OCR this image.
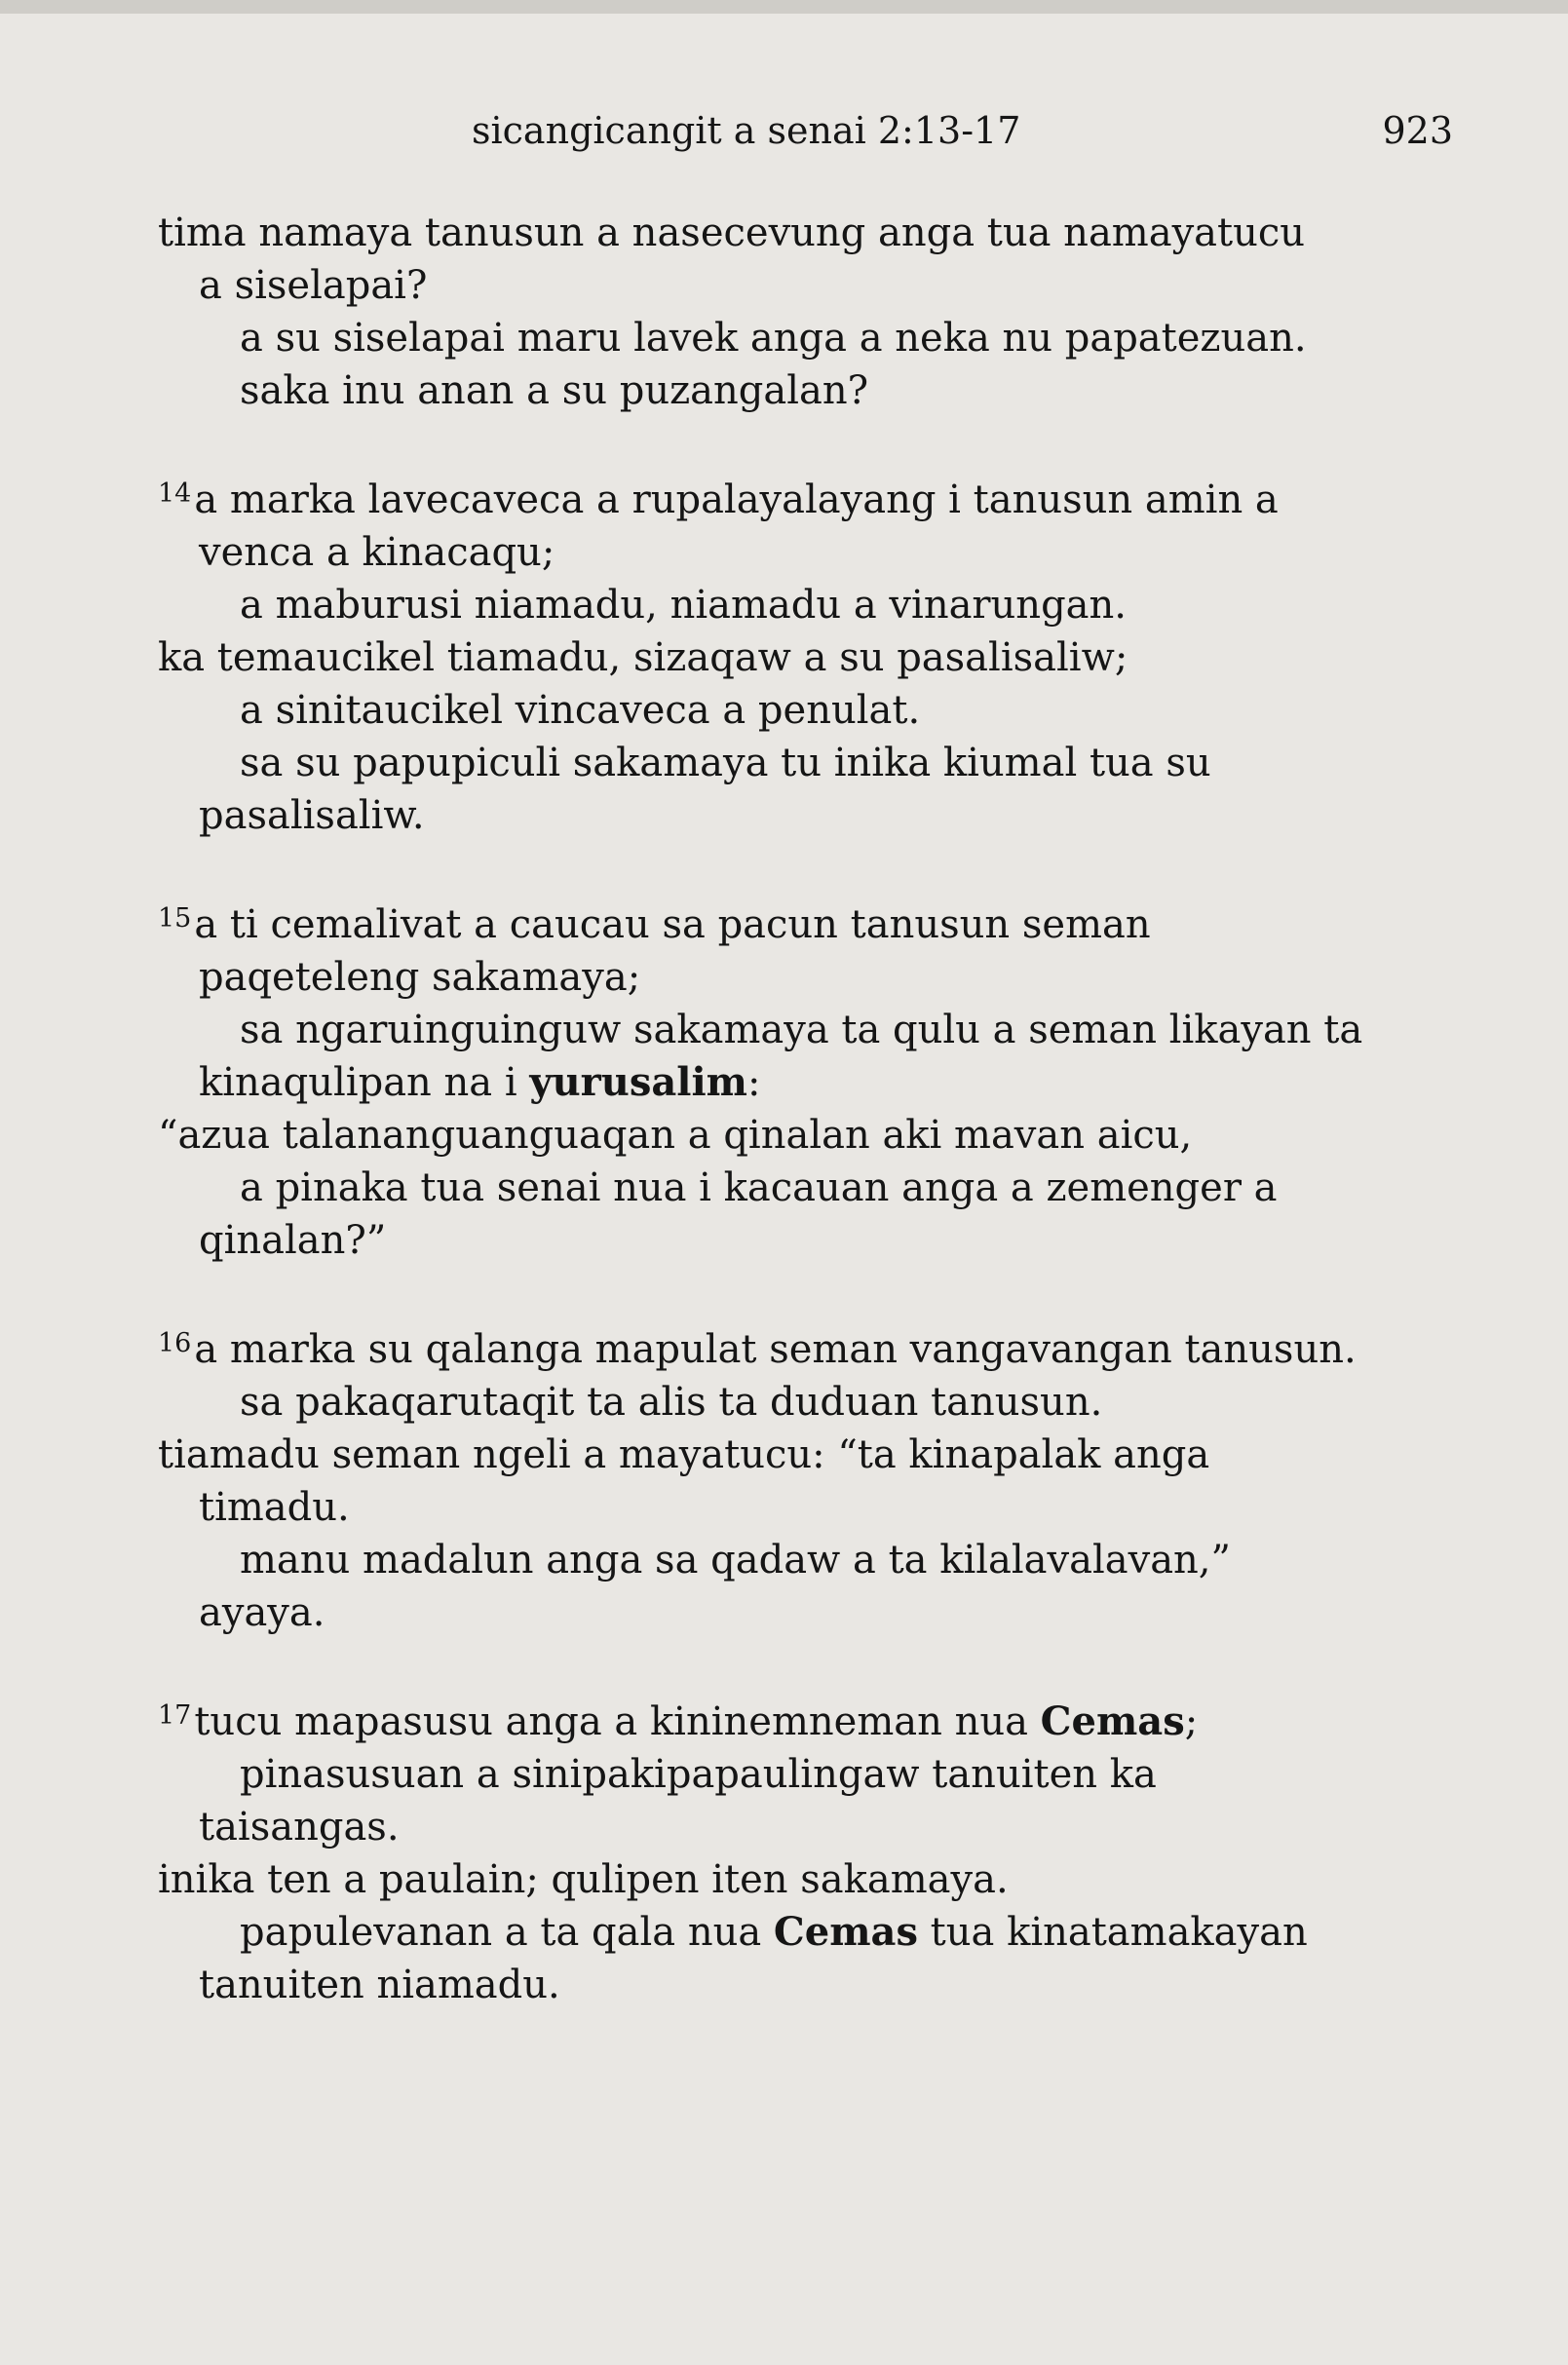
sicangicangit a senai 2:13-17	923
tima namaya tanusun a nasecevung anga tua namayatucu
a siselapai?
a su siselapai maru lavek anga a neka nu papatezuan.
saka inu anan a su puzangalan?
$^{14}$a marka lavecaveca a rupalayalayang i tanusun amin a
venca a kinacaqu;
a maburusi niamadu, niamadu a vinarungan.
ka temaucikel tiamadu, sizaqaw a su pasalisaliw;
a sinitaucikel vincaveca a penulat.
sa su papupiculi sakamaya tu inika kiumal tua su
pasalisaliw.
$^{15}$a ti cemalivat a caucau sa pacun tanusun seman
paqeteleng sakamaya;
sa ngaruinguinguw sakamaya ta qulu a seman likayan ta
kinaqulipan na i yurusalim:
“azua talananguanguaqan a qinalan aki mavan aicu,
a pinaka tua senai nua i kacauan anga a zemenger a
qinalan?”
$^{16}$a marka su qalanga mapulat seman vangavangan tanusun.
sa pakaqarutaqit ta alis ta duduan tanusun.
tiamadu seman ngeli a mayatucu: “ta kinapalak anga
timadu.
manu madalun anga sa qadaw a ta kilalavalavan,”
ayaya.
$^{17}$tucu mapasusu anga a kininemneman nua Cemas;
pinasusuan a sinipakipapaulingaw tanuiten ka
taisangas.
inika ten a paulain; qulipen iten sakamaya.
papulevanan a ta qala nua Cemas tua kinatamakayan
tanuiten niamadu.
